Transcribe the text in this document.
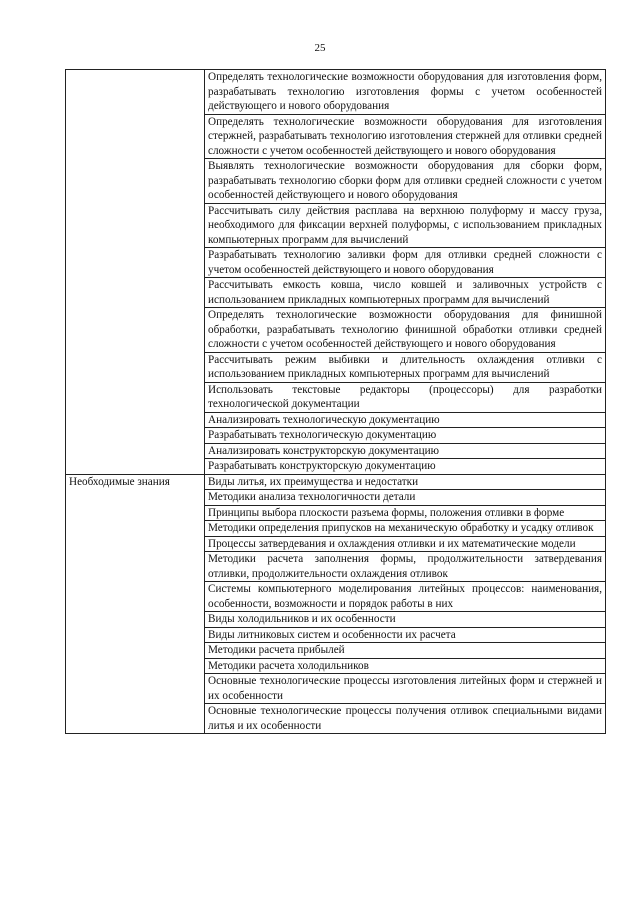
25
	Определять технологические возможности оборудования для изготовления форм, разрабатывать технологию изготовления формы с учетом особенностей действующего и нового оборудования
	Определять технологические возможности оборудования для изготовления стержней, разрабатывать технологию изготовления стержней для отливки средней сложности с учетом особенностей действующего и нового оборудования
	Выявлять технологические возможности оборудования для сборки форм, разрабатывать технологию сборки форм для отливки средней сложности с учетом особенностей действующего и нового оборудования
	Рассчитывать силу действия расплава на верхнюю полуформу и массу груза, необходимого для фиксации верхней полуформы, с использованием прикладных компьютерных программ для вычислений
	Разрабатывать технологию заливки форм для отливки средней сложности с учетом особенностей действующего и нового оборудования
	Рассчитывать емкость ковша, число ковшей и заливочных устройств с использованием прикладных компьютерных программ для вычислений
	Определять технологические возможности оборудования для финишной обработки, разрабатывать технологию финишной обработки отливки средней сложности с учетом особенностей действующего и нового оборудования
	Рассчитывать режим выбивки и длительность охлаждения отливки с использованием прикладных компьютерных программ для вычислений
	Использовать текстовые редакторы (процессоры) для разработки технологической документации
	Анализировать технологическую документацию
	Разрабатывать технологическую документацию
	Анализировать конструкторскую документацию
	Разрабатывать конструкторскую документацию
Необходимые знания	Виды литья, их преимущества и недостатки
	Методики анализа технологичности детали
	Принципы выбора плоскости разъема формы, положения отливки в форме
	Методики определения припусков на механическую обработку и усадку отливок
	Процессы затвердевания и охлаждения отливки и их математические модели
	Методики расчета заполнения формы, продолжительности затвердевания отливки, продолжительности охлаждения отливок
	Системы компьютерного моделирования литейных процессов: наименования, особенности, возможности и порядок работы в них
	Виды холодильников и их особенности
	Виды литниковых систем и особенности их расчета
	Методики расчета прибылей
	Методики расчета холодильников
	Основные технологические процессы изготовления литейных форм и стержней и их особенности
	Основные технологические процессы получения отливок специальными видами литья и их особенности
